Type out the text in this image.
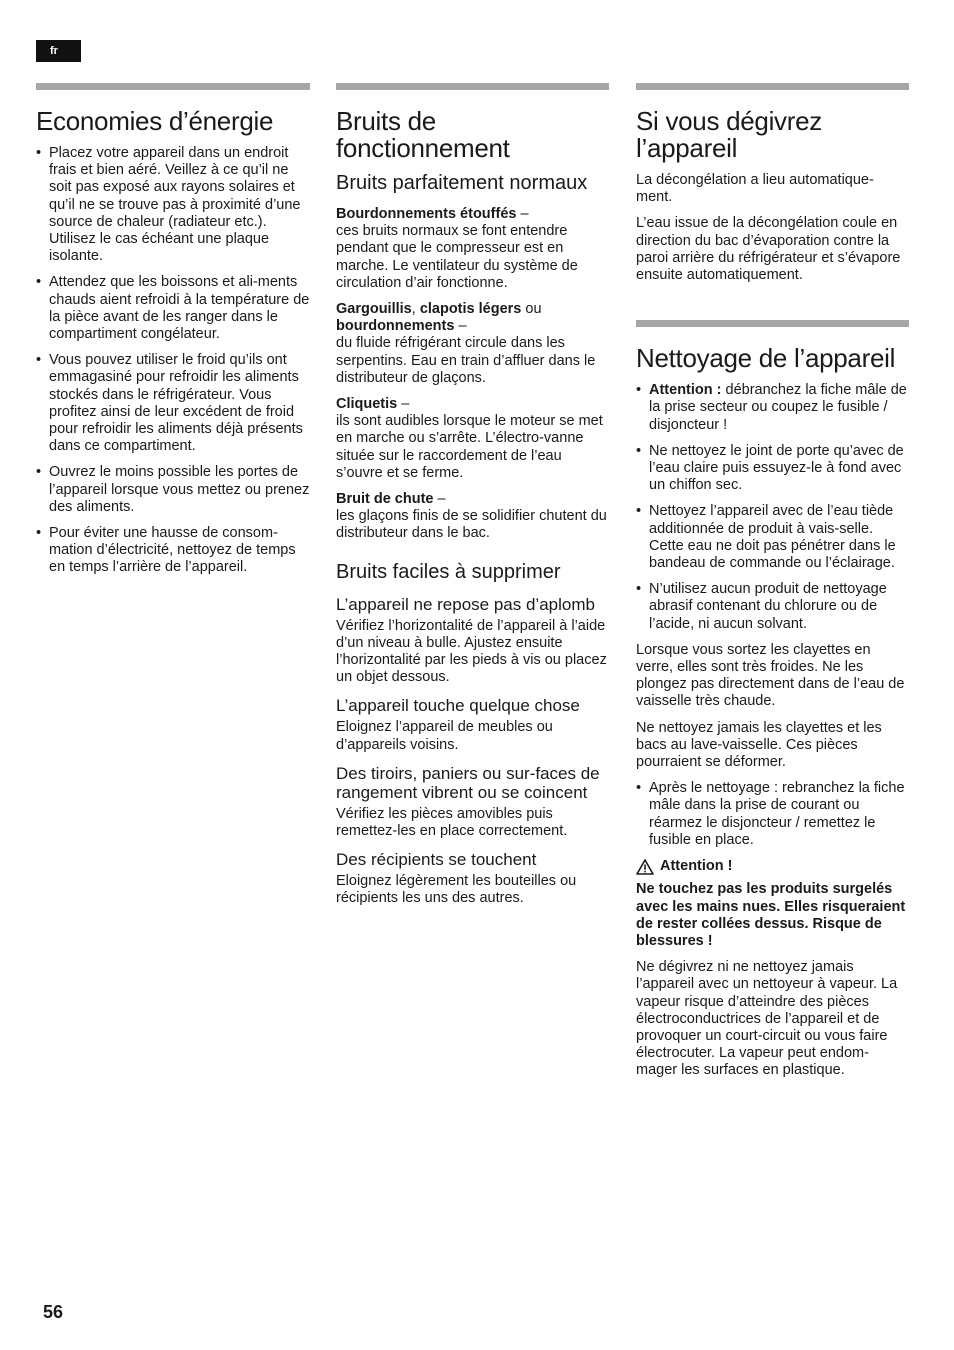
fr
Economies d’énergie
• Placez votre appareil dans un endroit frais et bien aéré. Veillez à ce qu’il ne soit pas exposé aux rayons solaires et qu’il ne se trouve pas à proximité d’une source de chaleur (radiateur etc.). Utilisez le cas échéant une plaque isolante.
• Attendez que les boissons et ali-ments chauds aient refroidi à la température de la pièce avant de les ranger dans le compartiment congélateur.
• Vous pouvez utiliser le froid qu’ils ont emmagasiné pour refroidir les aliments stockés dans le réfrigérateur. Vous profitez ainsi de leur excédent de froid pour refroidir les aliments déjà présents dans ce compartiment.
• Ouvrez le moins possible les portes de l’appareil lorsque vous mettez ou prenez des aliments.
• Pour éviter une hausse de consom-mation d’électricité, nettoyez de temps en temps l’arrière de l’appareil.
Bruits de fonctionnement
Bruits parfaitement normaux

Bourdonnements étouffés –
ces bruits normaux se font entendre pendant que le compresseur est en marche. Le ventilateur du système de circulation d’air fonctionne.

Gargouillis, clapotis légers ou
bourdonnements –
du fluide réfrigérant circule dans les serpentins. Eau en train d’affluer dans le distributeur de glaçons.

Cliquetis –
ils sont audibles lorsque le moteur se met en marche ou s’arrête. L’électro-vanne située sur le raccordement de l’eau s’ouvre et se ferme.

Bruit de chute –
les glaçons finis de se solidifier chutent du distributeur dans le bac.

Bruits faciles à supprimer
L’appareil ne repose pas d’aplomb

Vérifiez l’horizontalité de l’appareil à l’aide d’un niveau à bulle. Ajustez ensuite l’horizontalité par les pieds à vis ou placez un objet dessous.

L’appareil touche quelque chose

Eloignez l’appareil de meubles ou d’appareils voisins.

Des tiroirs, paniers ou sur-faces de rangement vibrent ou se coincent

Vérifiez les pièces amovibles puis remettez-les en place correctement.

Des récipients se touchent

Eloignez légèrement les bouteilles ou récipients les uns des autres.

Si vous dégivrez l’appareil

La décongélation a lieu automatique-ment.

L’eau issue de la décongélation coule en direction du bac d’évaporation contre la paroi arrière du réfrigérateur et s’évapore ensuite automatiquement.

Nettoyage de l’appareil
• Attention : débranchez la fiche mâle de la prise secteur ou coupez le fusible / disjoncteur !
• Ne nettoyez le joint de porte qu’avec de l’eau claire puis essuyez-le à fond avec un chiffon sec.
• Nettoyez l’appareil avec de l’eau tiède additionnée de produit à vais-selle. Cette eau ne doit pas pénétrer dans le bandeau de commande ou l’éclairage.
• N’utilisez aucun produit de nettoyage abrasif contenant du chlorure ou de l’acide, ni aucun solvant.

Lorsque vous sortez les clayettes en verre, elles sont très froides. Ne les plongez pas directement dans de l’eau de vaisselle très chaude.

Ne nettoyez jamais les clayettes et les bacs au lave-vaisselle. Ces pièces pourraient se déformer.

• Après le nettoyage : rebranchez la fiche mâle dans la prise de courant ou réarmez le disjoncteur / remettez le fusible en place.
Attention !

Ne touchez pas les produits surgelés avec les mains nues. Elles risqueraient de rester collées dessus. Risque de blessures !

Ne dégivrez ni ne nettoyez jamais l’appareil avec un nettoyeur à vapeur. La vapeur risque d’atteindre des pièces électroconductrices de l’appareil et de provoquer un court-circuit ou vous faire électrocuter. La vapeur peut endom-mager les surfaces en plastique.

56
